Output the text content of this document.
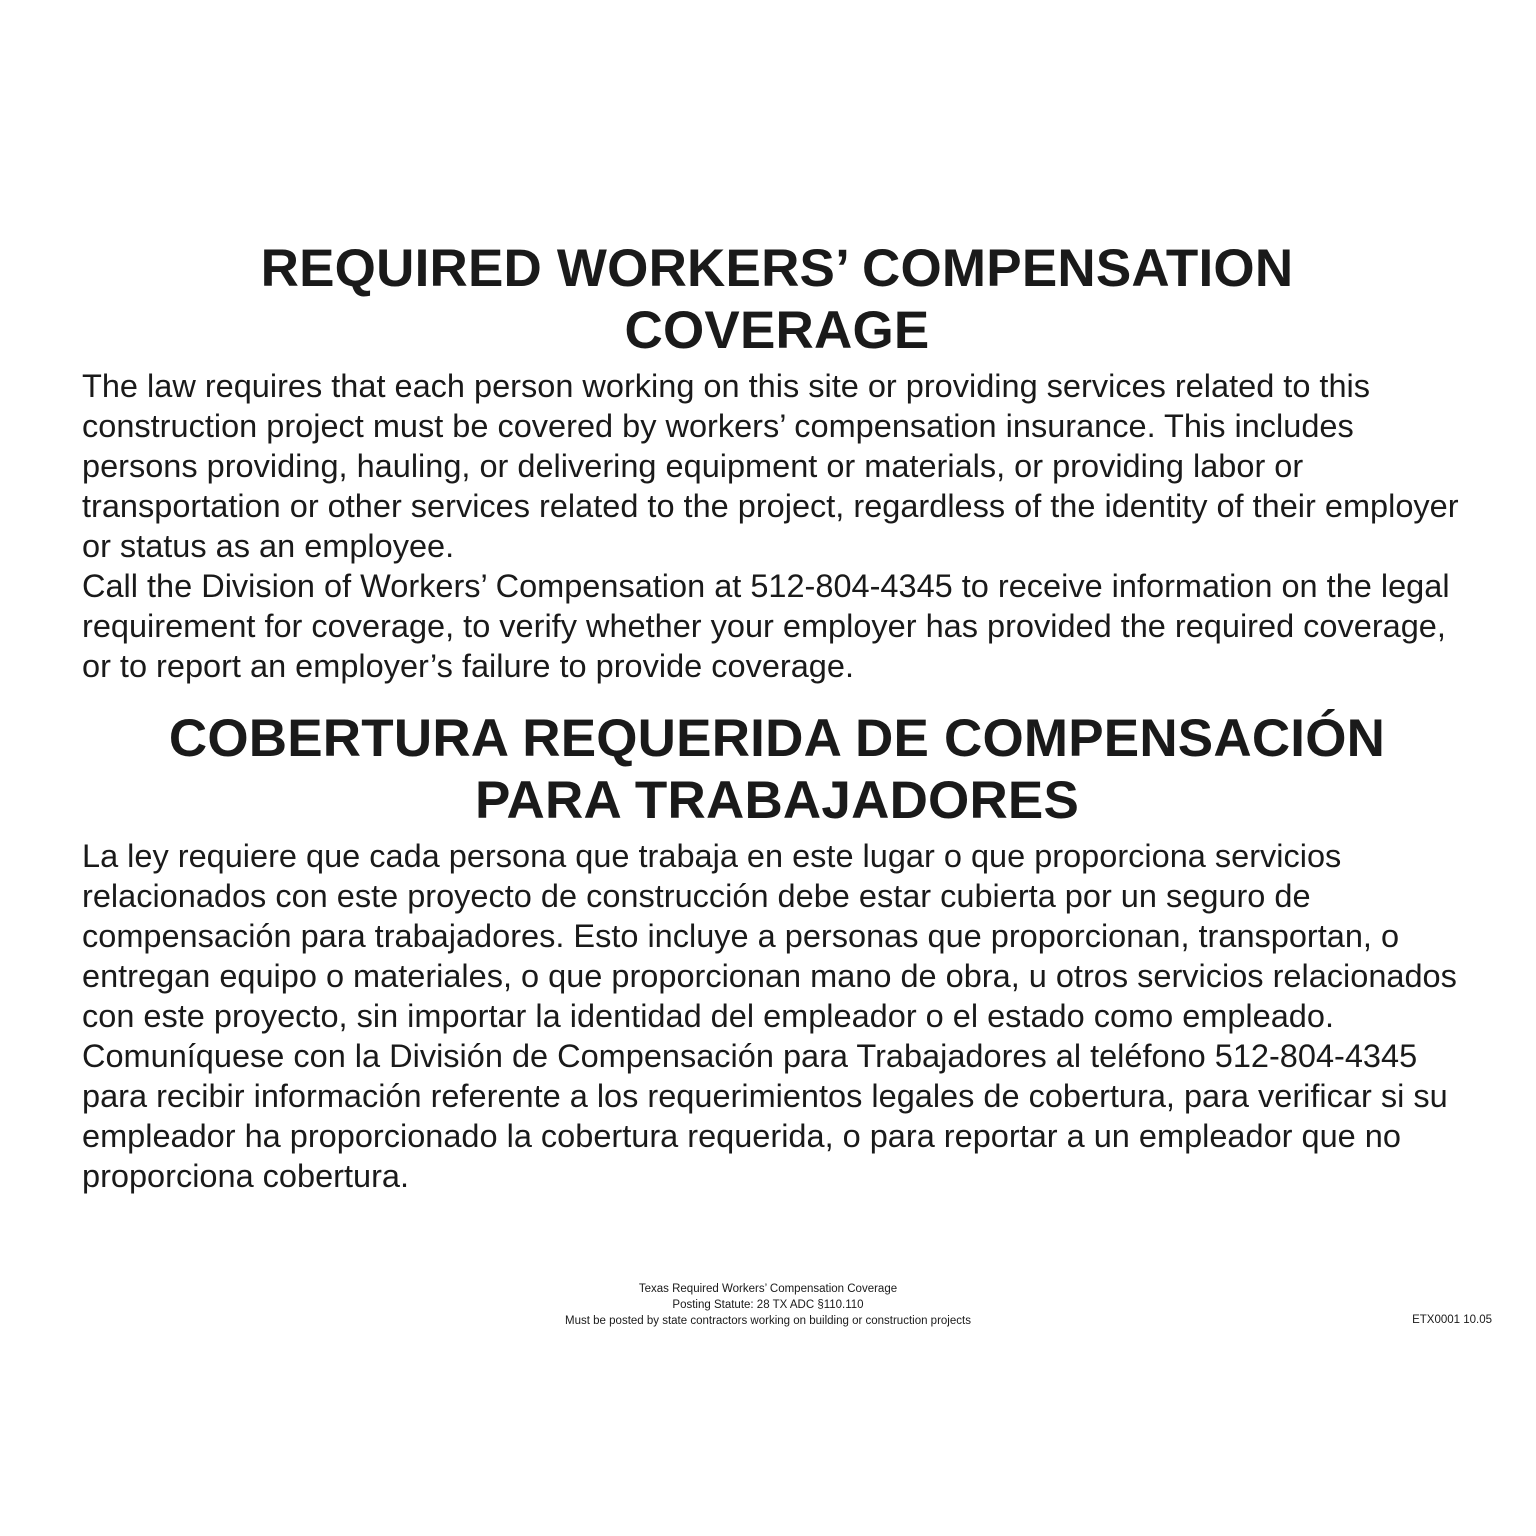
REQUIRED WORKERS’ COMPENSATION
COVERAGE

The law requires that each person working on this site or providing services related to this construction project must be covered by workers’ compensation insurance. This includes persons providing, hauling, or delivering equipment or materials, or providing labor or transportation or other services related to the project, regardless of the identity of their employer or status as an employee.

Call the Division of Workers’ Compensation at 512-804-4345 to receive information on the legal requirement for coverage, to verify whether your employer has provided the required coverage, or to report an employer’s failure to provide coverage.

COBERTURA REQUERIDA DE COMPENSACIÓN
PARA TRABAJADORES

La ley requiere que cada persona que trabaja en este lugar o que proporciona servicios relacionados con este proyecto de construcción debe estar cubierta por un seguro de compensación para trabajadores. Esto incluye a personas que proporcionan, transportan, o entregan equipo o materiales, o que proporcionan mano de obra, u otros servicios relacionados con este proyecto, sin importar la identidad del empleador o el estado como empleado.

Comuníquese con la División de Compensación para Trabajadores al teléfono 512-804-4345 para recibir información referente a los requerimientos legales de cobertura, para verificar si su empleador ha proporcionado la cobertura requerida, o para reportar a un empleador que no proporciona cobertura.

Texas Required Workers’ Compensation Coverage
Posting Statute: 28 TX ADC §110.110
Must be posted by state contractors working on building or construction projects	ETX0001 10.05
